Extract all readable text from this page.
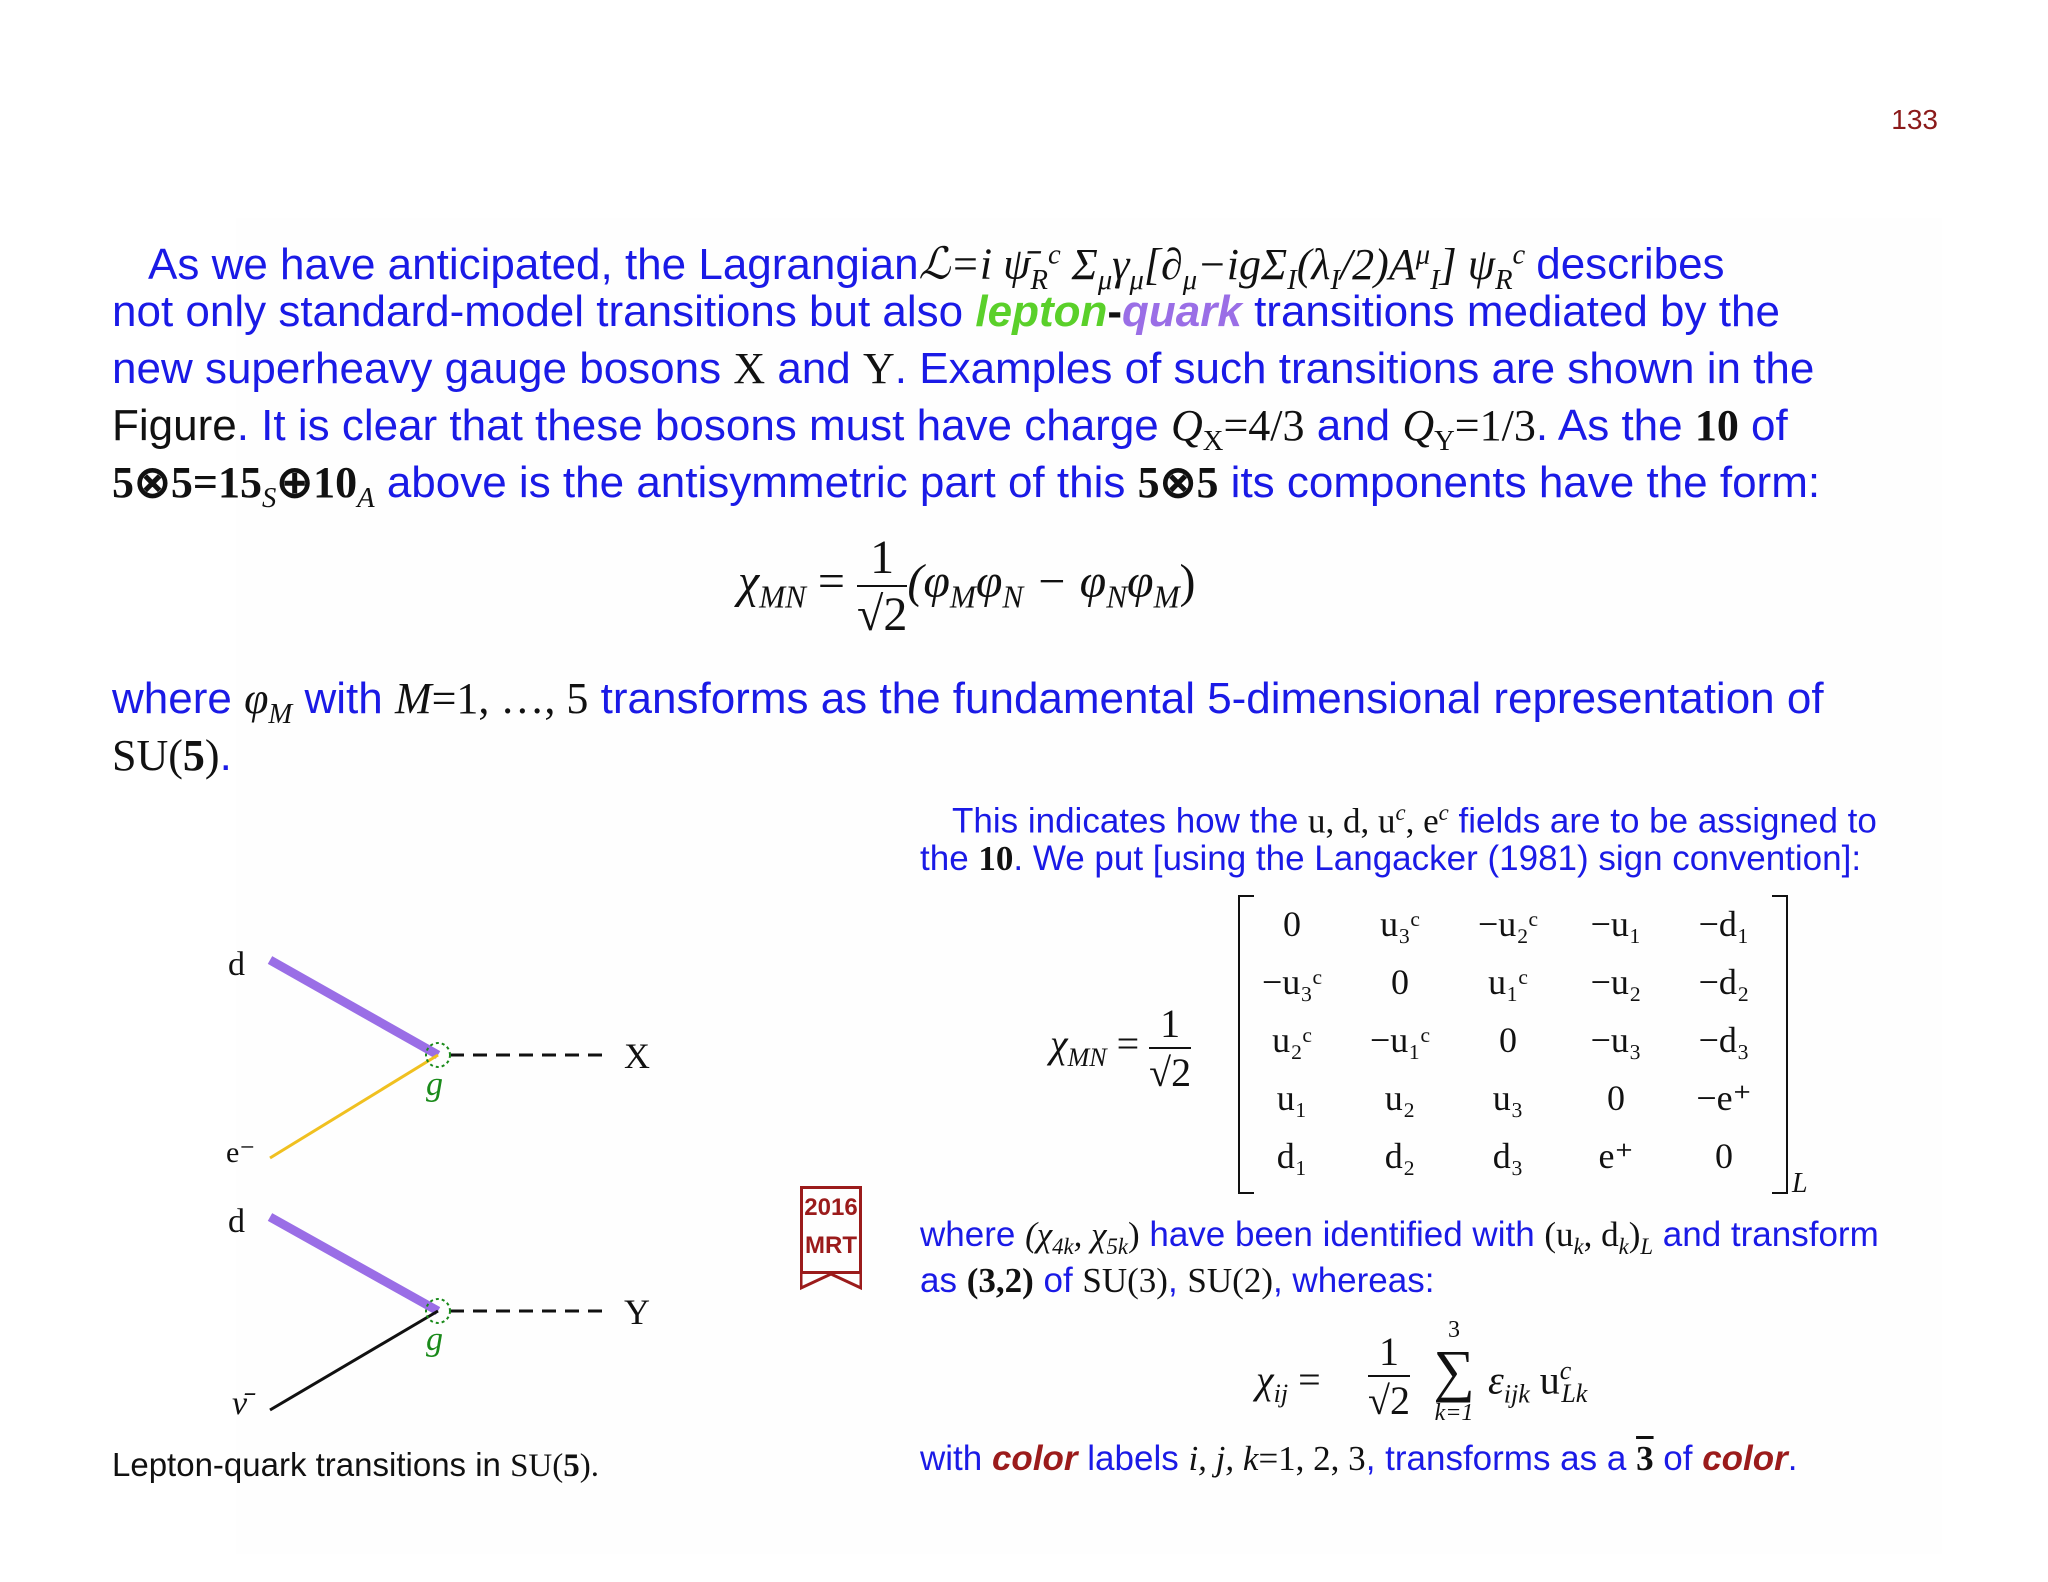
133
As we have anticipated, the Lagrangianℒ=i $\psī_R^c$ $\Sigma_\mu\gamma_\mu[\partial_\mu-ig\Sigma_I(\lambda_I/2)A^\mu_I]$ $\psi_R^c$ describes
not only standard-model transitions but also lepton-quark transitions mediated by the
new superheavy gauge bosons X and Y. Examples of such transitions are shown in the
Figure. It is clear that these bosons must have charge $Q_X=4/3$ and $Q_Y=1/3$. As the 10 of
$5\otimes 5=15_S\oplus 10_A$ above is the antisymmetric part of this 5⊗5 its components have the form:
$\chi_{MN} = \frac{1}{√2} (\varphi_M\varphi_N - \varphi_N\varphi_M)$
where $\varphi_M$ with M=1, …, 5 transforms as the fundamental 5-dimensional representation of
SU(5).
This indicates how the u, d, $u^c$, $e^c$ fields are to be assigned to
the 10. We put [using the Langacker (1981) sign convention]:
$\chi_{MN} = \frac{1}{√2}$
L
0	u₃ᶜ	−u₂ᶜ	−u₁	−d₁
−u₃ᶜ	0	u₁ᶜ	−u₂	−d₂
u₂ᶜ	−u₁ᶜ	0	−u₃	−d₃
u₁	u₂	u₃	0	−e⁺
d₁	d₂	d₃	e⁺	0
where ($\chi_{4k}$, $\chi_{5k}$) have been identified with ($u_k$, $d_k)_L$ and transform
as (3,2) of SU(3), SU(2), whereas:
$\chi_{ij} = \frac{1}{√2}$	3
∑
k=1
$\varepsilon_{ijk}$ $u^c_{Lk}$
with color labels i, j, k=1, 2, 3, transforms as a 3 of color.
d
e⁻
g
X
d
ν̄
g
Y
2016
MRT
Lepton-quark transitions in SU(5).
